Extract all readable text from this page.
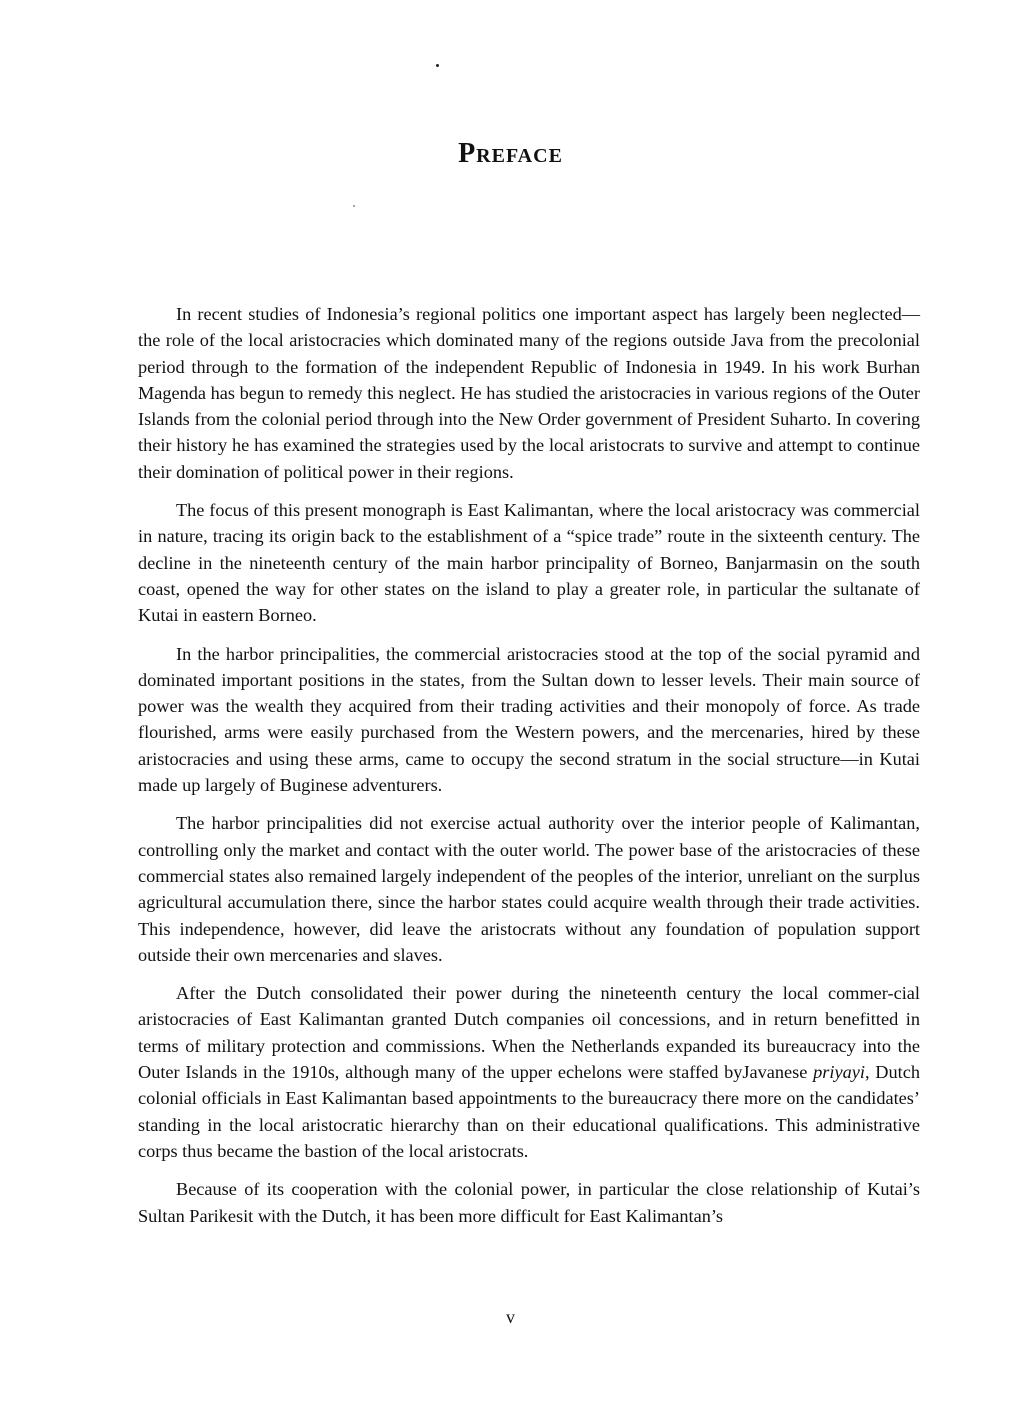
Preface

In recent studies of Indonesia’s regional politics one important aspect has largely been neglected—the role of the local aristocracies which dominated many of the regions outside Java from the precolonial period through to the formation of the independent Republic of Indonesia in 1949. In his work Burhan Magenda has begun to remedy this neglect. He has studied the aristocracies in various regions of the Outer Islands from the colonial period through into the New Order government of President Suharto. In covering their history he has examined the strategies used by the local aristocrats to survive and attempt to continue their domination of political power in their regions.

The focus of this present monograph is East Kalimantan, where the local aristocracy was commercial in nature, tracing its origin back to the establishment of a “spice trade” route in the sixteenth century. The decline in the nineteenth century of the main harbor principality of Borneo, Banjarmasin on the south coast, opened the way for other states on the island to play a greater role, in particular the sultanate of Kutai in eastern Borneo.

In the harbor principalities, the commercial aristocracies stood at the top of the social pyramid and dominated important positions in the states, from the Sultan down to lesser levels. Their main source of power was the wealth they acquired from their trading activities and their monopoly of force. As trade flourished, arms were easily purchased from the Western powers, and the mercenaries, hired by these aristocracies and using these arms, came to occupy the second stratum in the social structure—in Kutai made up largely of Buginese adventurers.

The harbor principalities did not exercise actual authority over the interior people of Kalimantan, controlling only the market and contact with the outer world. The power base of the aristocracies of these commercial states also remained largely independent of the peoples of the interior, unreliant on the surplus agricultural accumulation there, since the harbor states could acquire wealth through their trade activities. This independence, however, did leave the aristocrats without any foundation of population support outside their own mercenaries and slaves.

After the Dutch consolidated their power during the nineteenth century the local commer-cial aristocracies of East Kalimantan granted Dutch companies oil concessions, and in return benefitted in terms of military protection and commissions. When the Netherlands expanded its bureaucracy into the Outer Islands in the 1910s, although many of the upper echelons were staffed byJavanese priyayi, Dutch colonial officials in East Kalimantan based appointments to the bureaucracy there more on the candidates’ standing in the local aristocratic hierarchy than on their educational qualifications. This administrative corps thus became the bastion of the local aristocrats.

Because of its cooperation with the colonial power, in particular the close relationship of Kutai’s Sultan Parikesit with the Dutch, it has been more difficult for East Kalimantan’s

v
